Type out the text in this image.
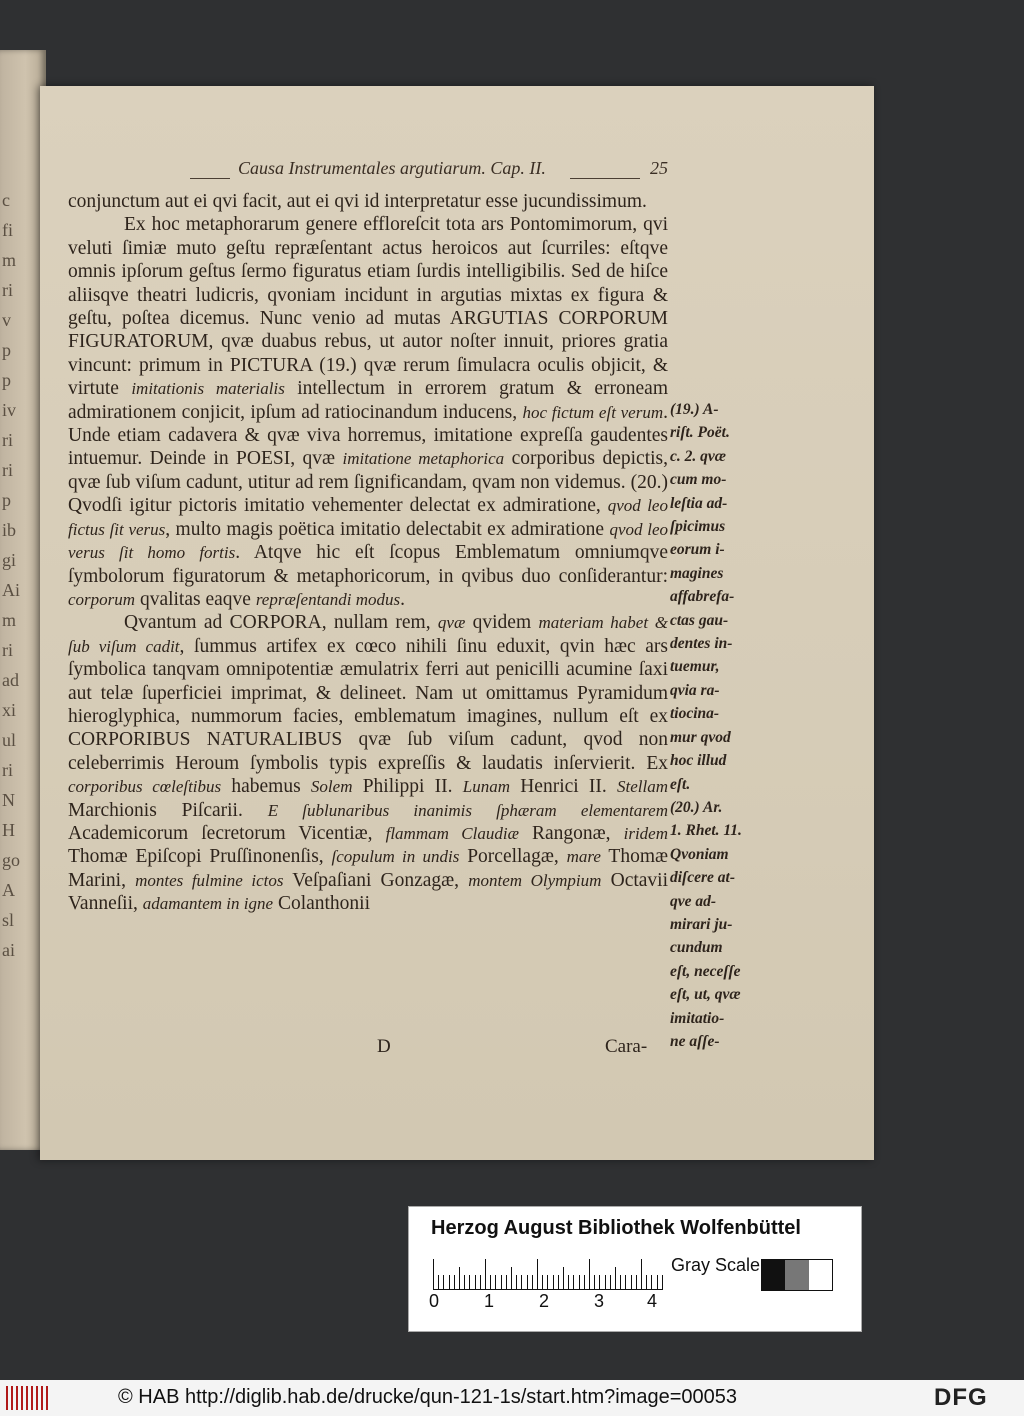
c
fi
m
ri
v
p
p
iv
ri
ri
p
ib
gi
Ai
m
ri
ad
xi
ul
ri
N
H
go
A
sl
ai
Causa Instrumentales argutiarum. Cap. II.	25

conjunctum aut ei qvi facit, aut ei qvi id interpretatur esse jucundissimum.

Ex hoc metaphorarum genere effloreſcit tota ars Pontomimorum, qvi veluti ſimiæ muto geſtu repræſentant actus heroicos aut ſcurriles: eſtqve omnis ipſorum geſtus ſermo figuratus etiam ſurdis intelligibilis. Sed de hiſce aliisqve theatri ludicris, qvoniam incidunt in argutias mixtas ex figura & geſtu, poſtea dicemus. Nunc venio ad mutas ARGUTIAS CORPORUM FIGURATORUM, qvæ duabus rebus, ut autor noſter innuit, priores gratia vincunt: primum in PICTURA (19.) qvæ rerum ſimulacra oculis objicit, & virtute imitationis materialis intellectum in errorem gratum & erroneam admirationem conjicit, ipſum ad ratiocinandum inducens, hoc fictum eſt verum. Unde etiam cadavera & qvæ viva horremus, imitatione expreſſa gaudentes intuemur. Deinde in POESI, qvæ imitatione metaphorica corporibus depictis, qvæ ſub viſum cadunt, utitur ad rem ſignificandam, qvam non videmus. (20.) Qvodſi igitur pictoris imitatio vehementer delectat ex admiratione, qvod leo fictus ſit verus, multo magis poëtica imitatio delectabit ex admiratione qvod leo verus ſit homo fortis. Atqve hic eſt ſcopus Emblematum omniumqve ſymbolorum figuratorum & metaphoricorum, in qvibus duo conſiderantur: corporum qvalitas eaqve repræſentandi modus.

Qvantum ad CORPORA, nullam rem, qvæ qvidem materiam habet & ſub viſum cadit, ſummus artifex ex cœco nihili ſinu eduxit, qvin hæc ars ſymbolica tanqvam omnipotentiæ æmulatrix ferri aut penicilli acumine ſaxi aut telæ ſuperficiei imprimat, & delineet. Nam ut omittamus Pyramidum hieroglyphica, nummorum facies, emblematum imagines, nullum eſt ex CORPORIBUS NATURALIBUS qvæ ſub viſum cadunt, qvod non celeberrimis Heroum ſymbolis typis expreſſis & laudatis inſervierit. Ex corporibus cœleſtibus habemus Solem Philippi II. Lunam Henrici II. Stellam Marchionis Piſcarii. E ſublunaribus inanimis ſphæram elementarem Academicorum ſecretorum Vicentiæ, flammam Claudiæ Rangonæ, iridem Thomæ Epiſcopi Pruſſinonenſis, ſcopulum in undis Porcellagæ, mare Thomæ Marini, montes fulmine ictos Veſpaſiani Gonzagæ, montem Olympium Octavii Vanneſii, adamantem in igne Colanthonii

(19.) A-
riſt. Poët.
c. 2. qvæ
cum mo-
leſtia ad-
ſpicimus
eorum i-
magines
affabrefa-
ctas gau-
dentes in-
tuemur,
qvia ra-
tiocina-
mur qvod
hoc illud
eſt.
(20.) Ar.
1. Rhet. 11.
Qvoniam
diſcere at-
qve ad-
mirari ju-
cundum
eſt, neceſſe
eſt, ut, qvæ
imitatio-
ne aſſe-
D	Cara-
Herzog August Bibliothek Wolfenbüttel
0 1 2 3 4
Gray Scale
© HAB http://diglib.hab.de/drucke/qun-121-1s/start.htm?image=00053	DFG
